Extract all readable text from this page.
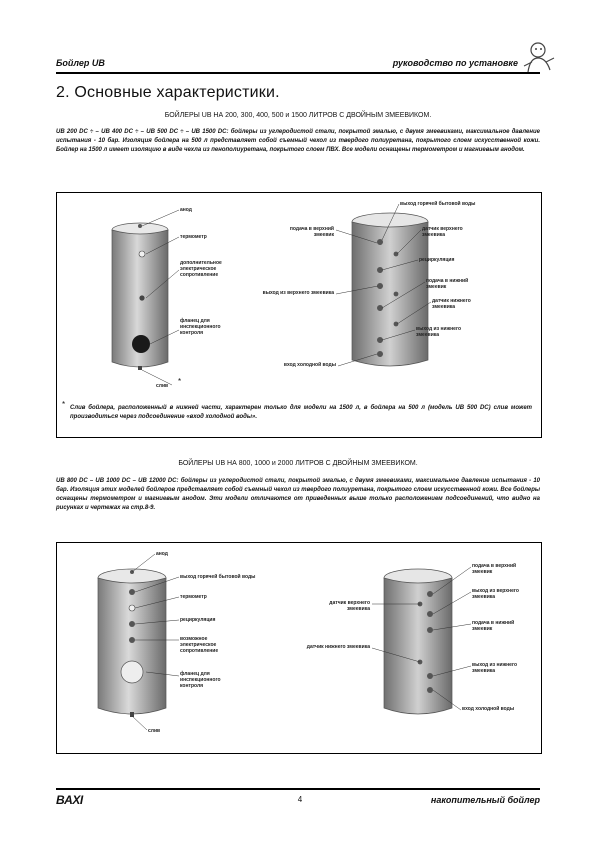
Бойлер UB	руководство по установке
2. Основные характеристики.
БОЙЛЕРЫ UB НА 200, 300, 400, 500 и 1500 ЛИТРОВ С ДВОЙНЫМ ЗМЕЕВИКОМ.
UB 200 DC ÷ – UB 400 DC ÷ – UB 500 DC ÷ – UB 1500 DC: бойлеры из углеродистой стали, покрытой эмалью, с двумя змеевиками, максимальное давление испытания - 10 бар. Изоляция бойлера на 500 л представляет собой съемный чехол из твердого полиуретана, покрытого слоем искусственной кожи. Бойлер на 1500 л имеет изоляцию в виде чехла из пенополиуретана, покрытого слоем ПВХ. Все модели оснащены термометром и магниевым анодом.
анод
термометр
дополнительное электрическое сопротивление
фланец для инспекционного контроля
слив *
выход горячей бытовой воды
подача в верхний змеевик
датчик верхнего змеевика
рециркуляция
выход из верхнего змеевика
подача в нижний змеевик
датчик нижнего змеевика
выход из нижнего змеевика
вход холодной воды
* Слив бойлера, расположенный в нижней части, характерен только для модели на 1500 л, в бойлера на 500 л (модель UB 500 DC) слив может производиться через подсоединение «вход холодной воды».
БОЙЛЕРЫ UB НА 800, 1000 и 2000 ЛИТРОВ С ДВОЙНЫМ ЗМЕЕВИКОМ.
UB 800 DC – UB 1000 DC – UB 12000 DC: бойлеры из углеродистой стали, покрытой эмалью, с двумя змеевиками, максимальное давление испытания - 10 бар. Изоляция этих моделей бойлеров представляет собой съемный чехол из твердого полиуретана, покрытого слоем искусственной кожи. Все бойлеры оснащены термометром и магниевым анодом. Эти модели отличаются от приведенных выше только расположением подсоединений, что видно на рисунках и чертежах на стр.8-9.
анод
выход горячей бытовой воды
термометр
рециркуляция
возможное электрическое сопротивление
фланец для инспекционного контроля
слив
подача в верхний змеевик
датчик верхнего змеевика
выход из верхнего змеевика
подача в нижний змеевик
датчик нижнего змеевика
выход из нижнего змеевика
вход холодной воды
BAXI	4	накопительный бойлер
